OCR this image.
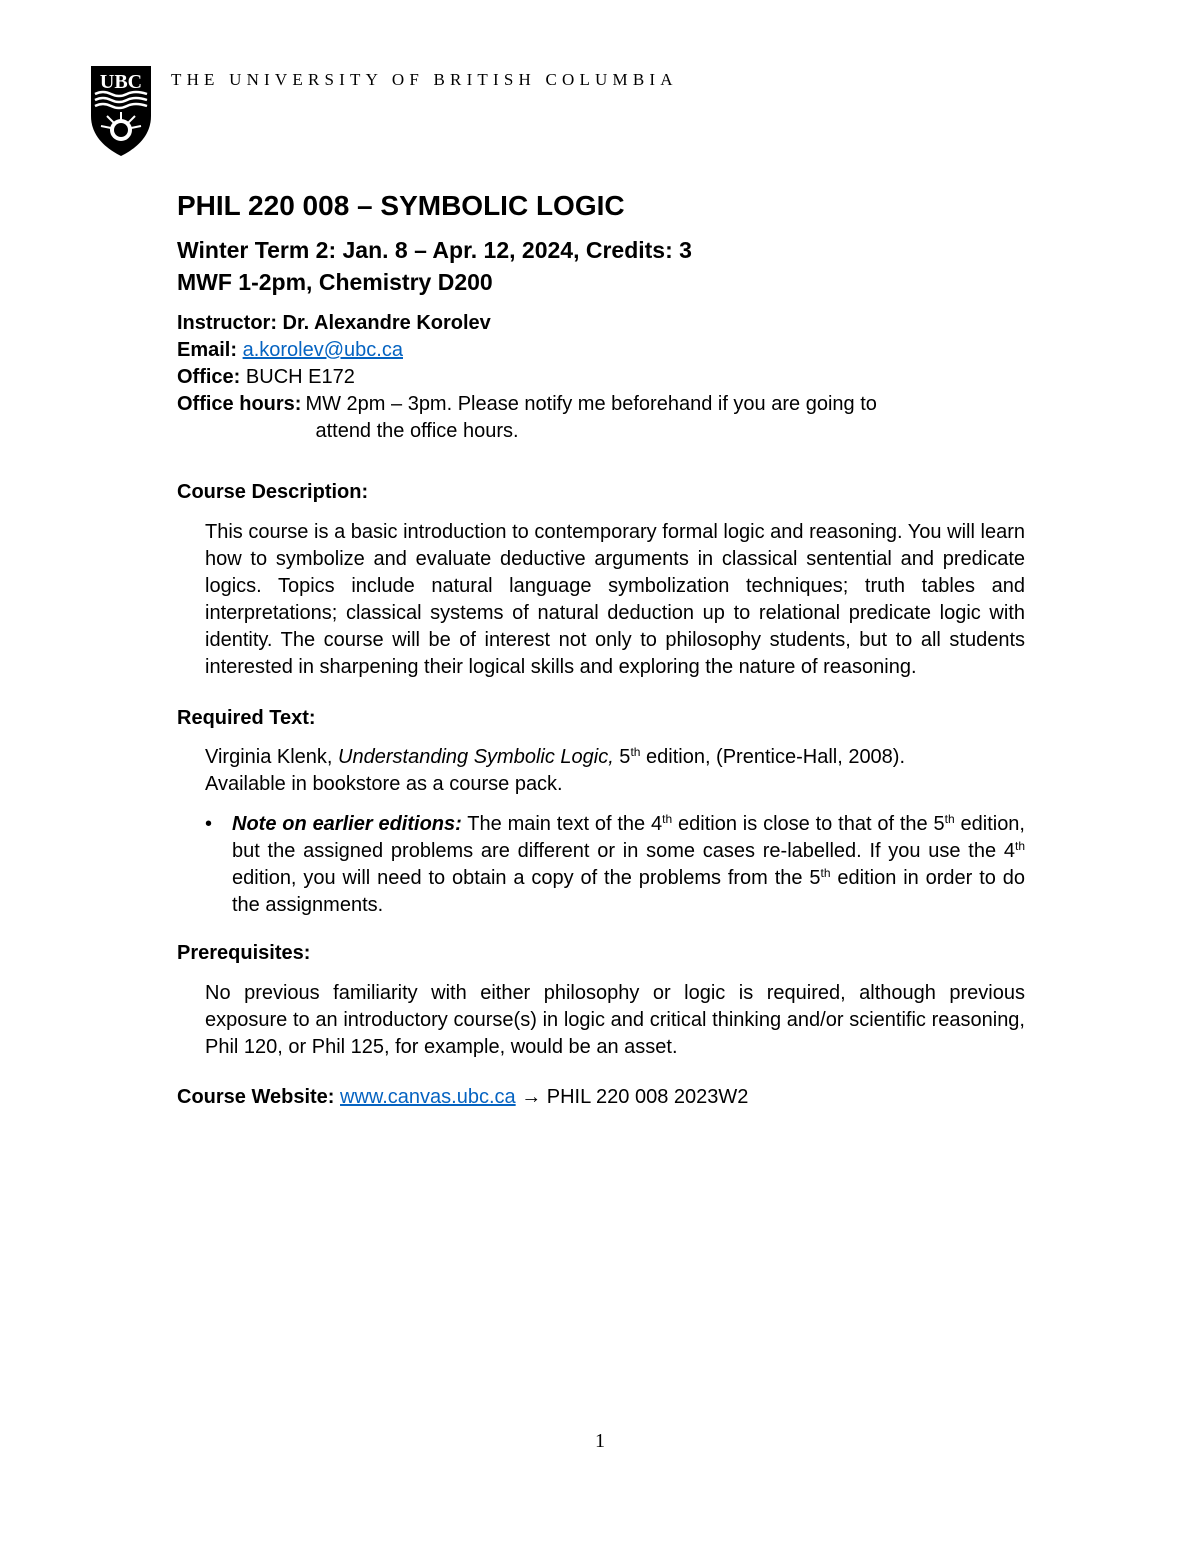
UBC THE UNIVERSITY OF BRITISH COLUMBIA
PHIL 220 008 – SYMBOLIC LOGIC
Winter Term 2: Jan. 8 – Apr. 12, 2024, Credits: 3
MWF 1-2pm, Chemistry D200
Instructor: Dr. Alexandre Korolev
Email: a.korolev@ubc.ca
Office: BUCH E172
Office hours: MW 2pm – 3pm. Please notify me beforehand if you are going to
attend the office hours.
Course Description:
This course is a basic introduction to contemporary formal logic and reasoning. You will learn how to symbolize and evaluate deductive arguments in classical sentential and predicate logics. Topics include natural language symbolization techniques; truth tables and interpretations; classical systems of natural deduction up to relational predicate logic with identity. The course will be of interest not only to philosophy students, but to all students interested in sharpening their logical skills and exploring the nature of reasoning.
Required Text:
Virginia Klenk, Understanding Symbolic Logic, 5th edition, (Prentice-Hall, 2008).
Available in bookstore as a course pack.
• Note on earlier editions: The main text of the 4th edition is close to that of the 5th edition, but the assigned problems are different or in some cases re-labelled. If you use the 4th edition, you will need to obtain a copy of the problems from the 5th edition in order to do the assignments.
Prerequisites:
No previous familiarity with either philosophy or logic is required, although previous exposure to an introductory course(s) in logic and critical thinking and/or scientific reasoning, Phil 120, or Phil 125, for example, would be an asset.
Course Website: www.canvas.ubc.ca → PHIL 220 008 2023W2
1
